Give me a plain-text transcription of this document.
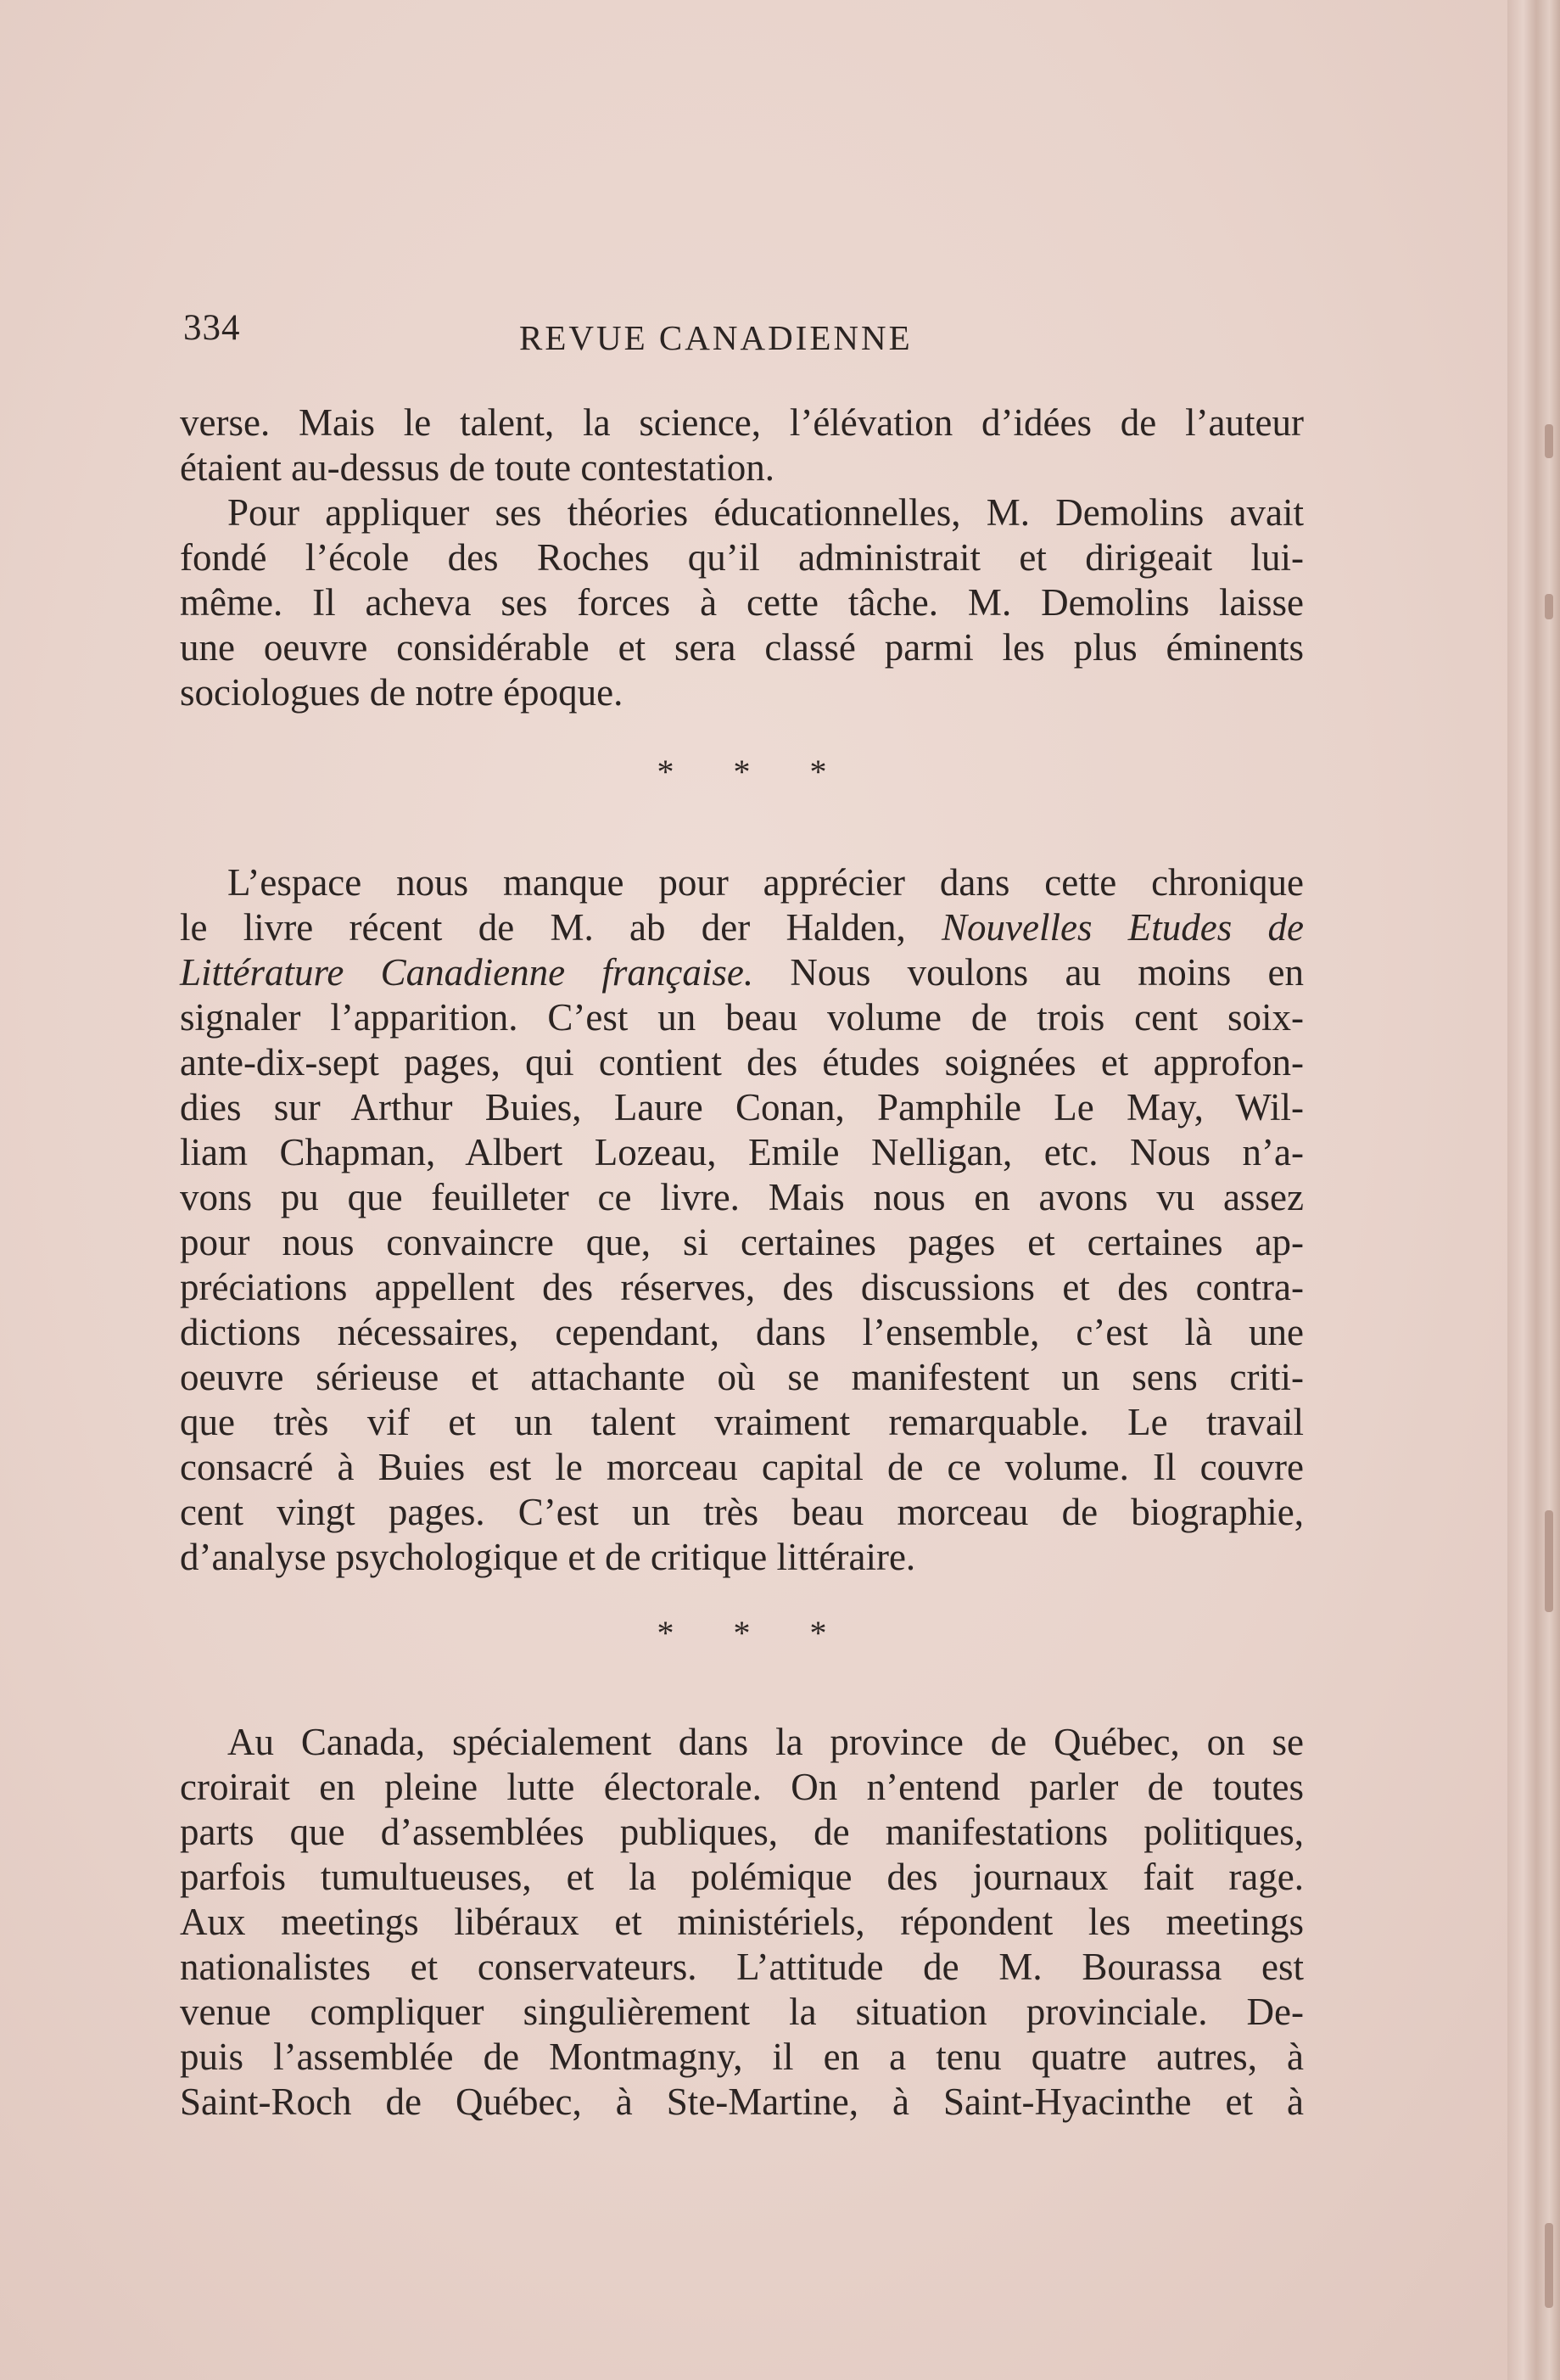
334	REVUE CANADIENNE

verse. Mais le talent, la science, l’élévation d’idées de l’auteur
étaient au-dessus de toute contestation.

Pour appliquer ses théories éducationnelles, M. Demolins avait
fondé l’école des Roches qu’il administrait et dirigeait lui-
même. Il acheva ses forces à cette tâche. M. Demolins laisse
une oeuvre considérable et sera classé parmi les plus éminents
sociologues de notre époque.

* * *

L’espace nous manque pour apprécier dans cette chronique
le livre récent de M. ab der Halden, Nouvelles Etudes de
Littérature Canadienne française. Nous voulons au moins en
signaler l’apparition. C’est un beau volume de trois cent soix-
ante-dix-sept pages, qui contient des études soignées et approfon-
dies sur Arthur Buies, Laure Conan, Pamphile Le May, Wil-
liam Chapman, Albert Lozeau, Emile Nelligan, etc. Nous n’a-
vons pu que feuilleter ce livre. Mais nous en avons vu assez
pour nous convaincre que, si certaines pages et certaines ap-
préciations appellent des réserves, des discussions et des contra-
dictions nécessaires, cependant, dans l’ensemble, c’est là une
oeuvre sérieuse et attachante où se manifestent un sens criti-
que très vif et un talent vraiment remarquable. Le travail
consacré à Buies est le morceau capital de ce volume. Il couvre
cent vingt pages. C’est un très beau morceau de biographie,
d’analyse psychologique et de critique littéraire.

* * *

Au Canada, spécialement dans la province de Québec, on se
croirait en pleine lutte électorale. On n’entend parler de toutes
parts que d’assemblées publiques, de manifestations politiques,
parfois tumultueuses, et la polémique des journaux fait rage.
Aux meetings libéraux et ministériels, répondent les meetings
nationalistes et conservateurs. L’attitude de M. Bourassa est
venue compliquer singulièrement la situation provinciale. De-
puis l’assemblée de Montmagny, il en a tenu quatre autres, à
Saint-Roch de Québec, à Ste-Martine, à Saint-Hyacinthe et à
